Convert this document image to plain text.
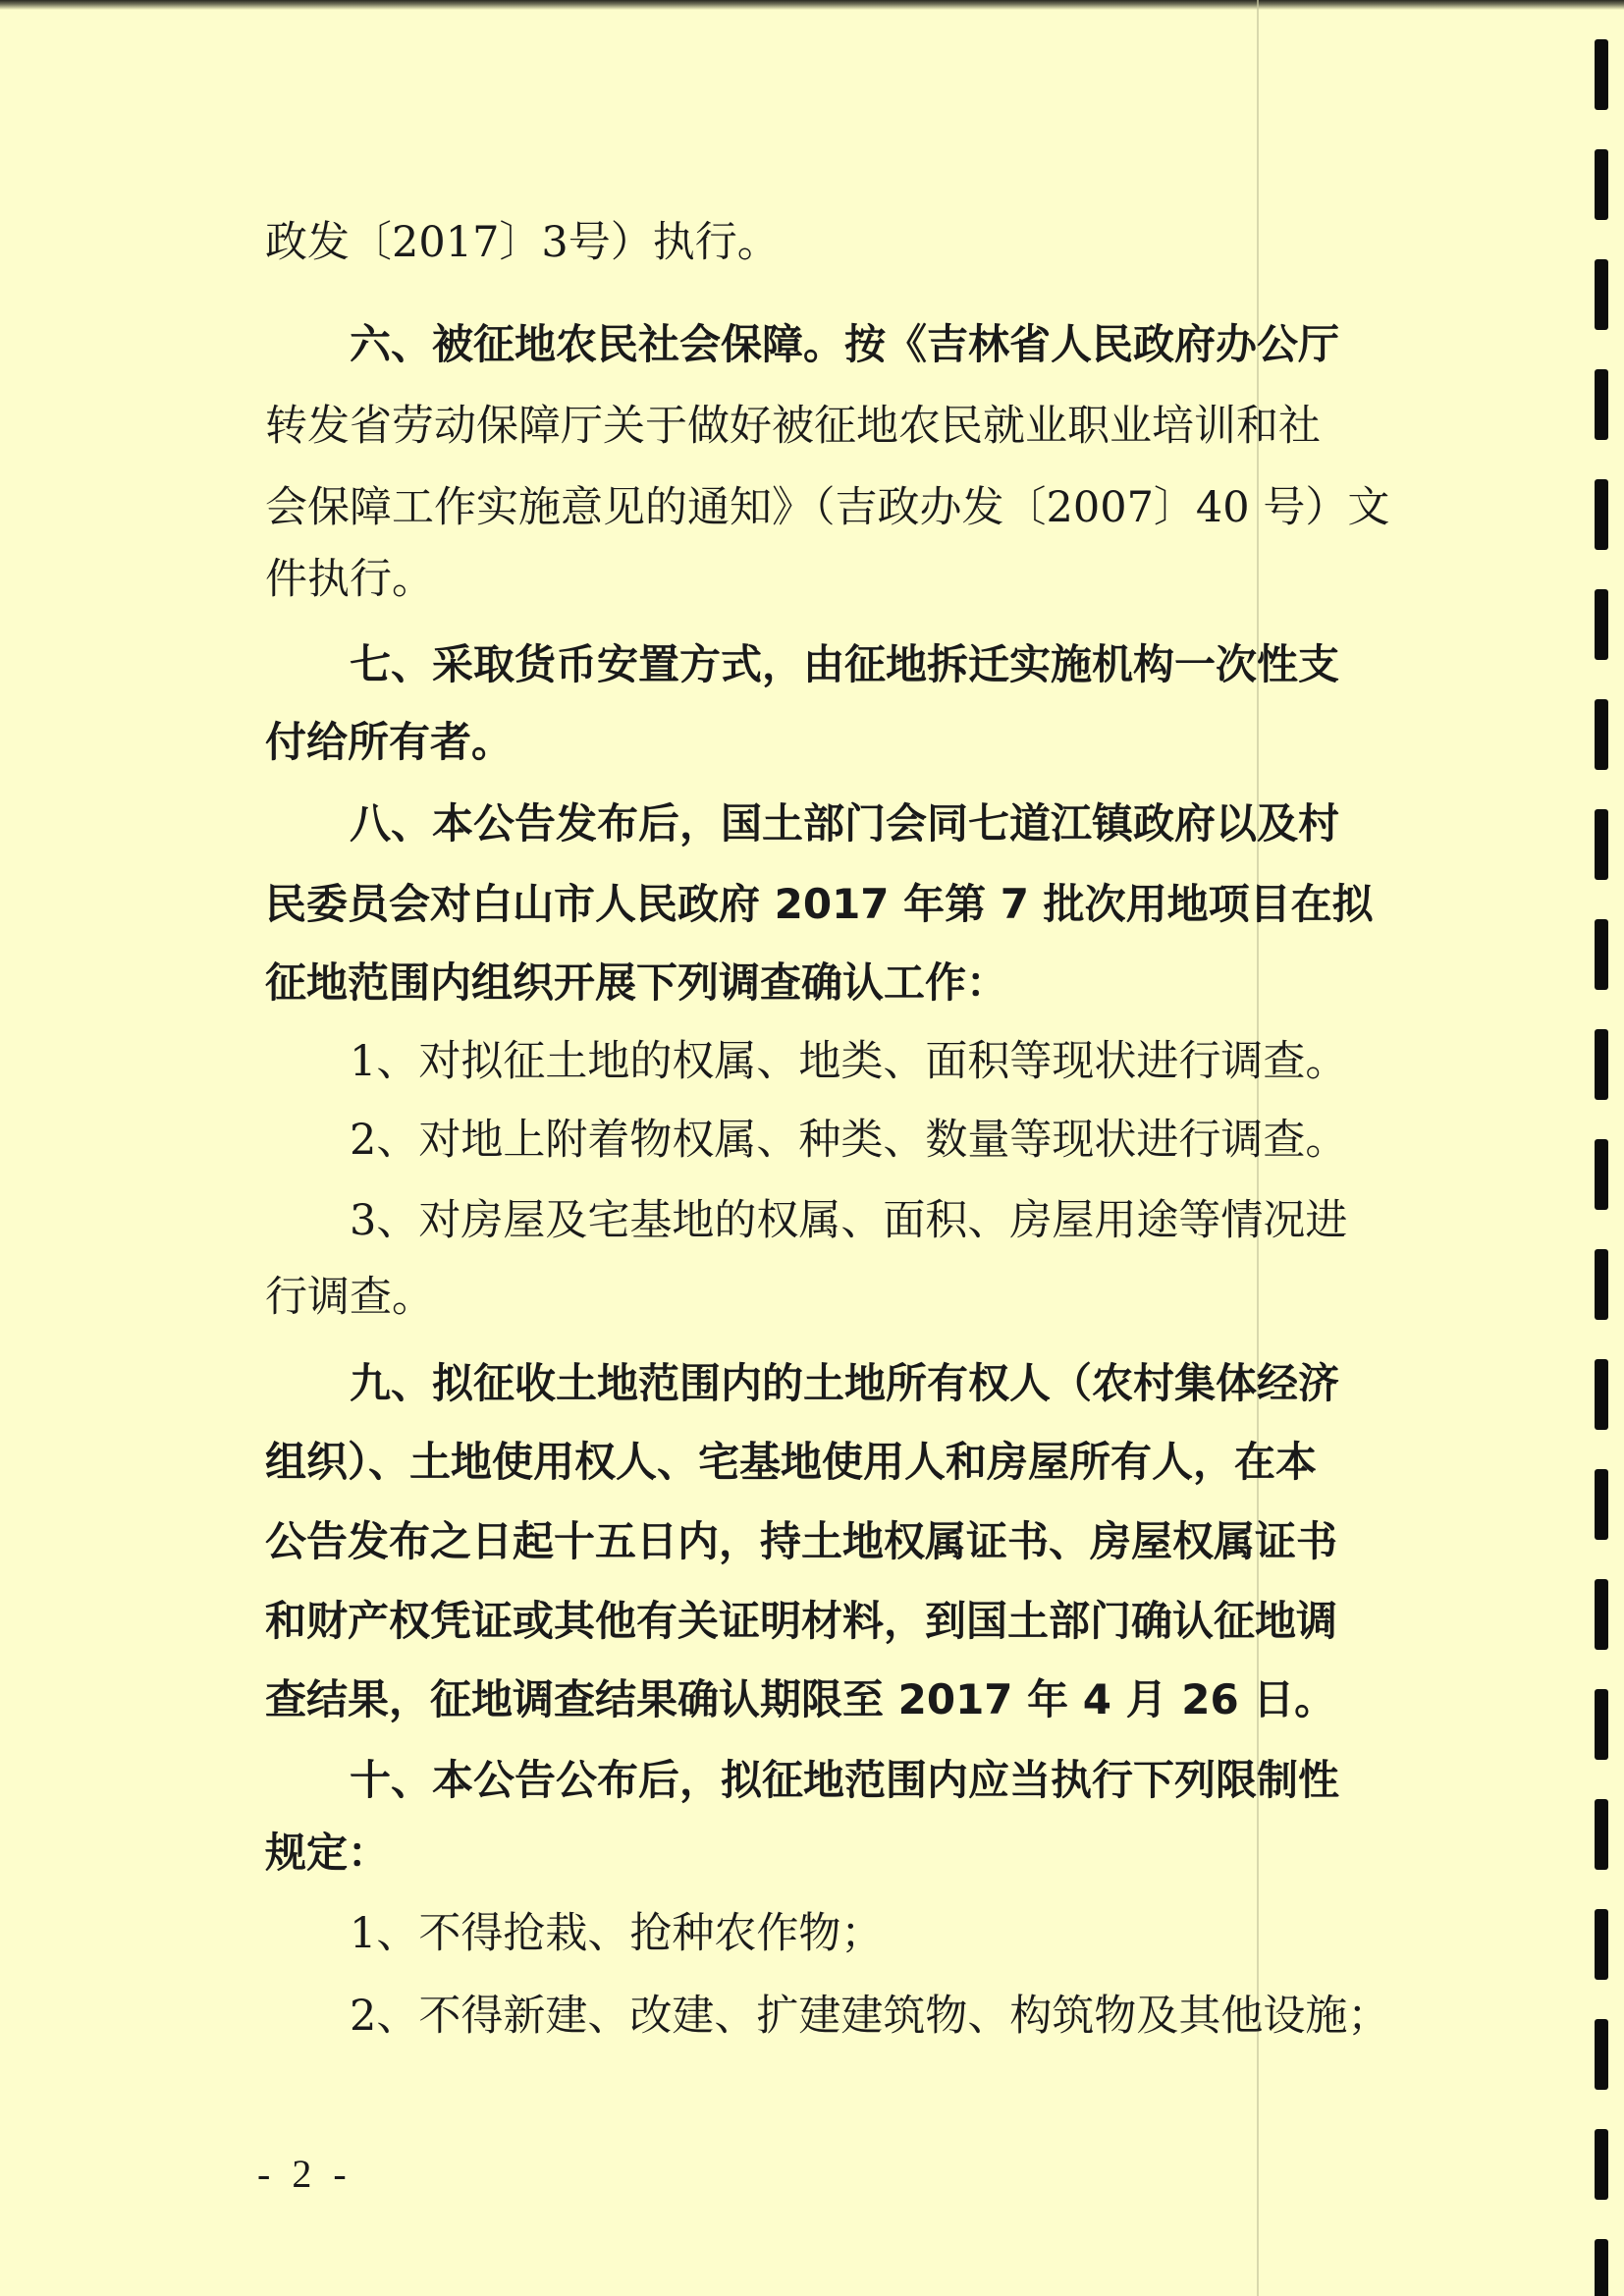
政发〔2017〕3号）执行。
六、被征地农民社会保障。按《吉林省人民政府办公厅
转发省劳动保障厅关于做好被征地农民就业职业培训和社
会保障工作实施意见的通知》（吉政办发〔2007〕40 号）文
件执行。
七、采取货币安置方式，由征地拆迁实施机构一次性支
付给所有者。
八、本公告发布后，国土部门会同七道江镇政府以及村
民委员会对白山市人民政府 2017 年第 7 批次用地项目在拟
征地范围内组织开展下列调查确认工作：
1、对拟征土地的权属、地类、面积等现状进行调查。
2、对地上附着物权属、种类、数量等现状进行调查。
3、对房屋及宅基地的权属、面积、房屋用途等情况进
行调查。
九、拟征收土地范围内的土地所有权人（农村集体经济
组织）、土地使用权人、宅基地使用人和房屋所有人，在本
公告发布之日起十五日内，持土地权属证书、房屋权属证书
和财产权凭证或其他有关证明材料，到国土部门确认征地调
查结果，征地调查结果确认期限至 2017 年 4 月 26 日。
十、本公告公布后，拟征地范围内应当执行下列限制性
规定：
1、不得抢栽、抢种农作物；
2、不得新建、改建、扩建建筑物、构筑物及其他设施；
- 2 -
